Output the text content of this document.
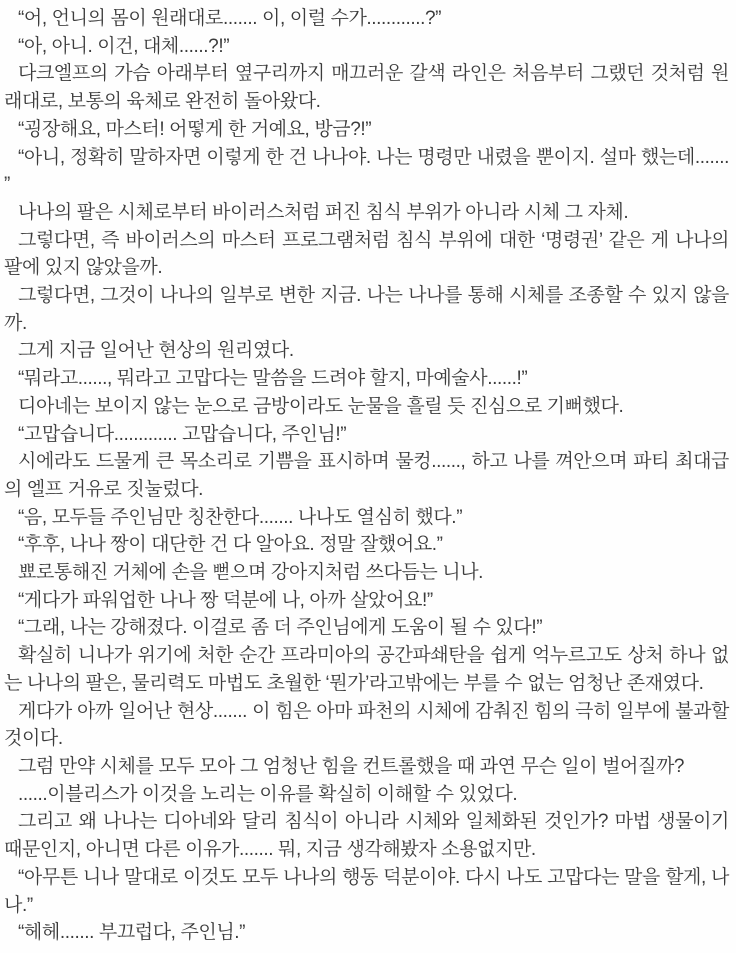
“어, 언니의 몸이 원래대로....... 이, 이럴 수가............?”

“아, 아니. 이건, 대체......?!”

다크엘프의 가슴 아래부터 옆구리까지 매끄러운 갈색 라인은 처음부터 그랬던 것처럼 원래대로, 보통의 육체로 완전히 돌아왔다.

“굉장해요, 마스터! 어떻게 한 거예요, 방금?!”

“아니, 정확히 말하자면 이렇게 한 건 나나야. 나는 명령만 내렸을 뿐이지. 설마 했는데.......”

나나의 팔은 시체로부터 바이러스처럼 퍼진 침식 부위가 아니라 시체 그 자체.

그렇다면, 즉 바이러스의 마스터 프로그램처럼 침식 부위에 대한 ‘명령권’ 같은 게 나나의 팔에 있지 않았을까.

그렇다면, 그것이 나나의 일부로 변한 지금. 나는 나나를 통해 시체를 조종할 수 있지 않을까.

그게 지금 일어난 현상의 원리였다.

“뭐라고......, 뭐라고 고맙다는 말씀을 드려야 할지, 마예술사......!”

디아네는 보이지 않는 눈으로 금방이라도 눈물을 흘릴 듯 진심으로 기뻐했다.

“고맙습니다............. 고맙습니다, 주인님!”

시에라도 드물게 큰 목소리로 기쁨을 표시하며 물컹......, 하고 나를 껴안으며 파티 최대급의 엘프 거유로 짓눌렀다.

“음, 모두들 주인님만 칭찬한다....... 나나도 열심히 했다.”

“후후, 나나 짱이 대단한 건 다 알아요. 정말 잘했어요.”

뾰로통해진 거체에 손을 뻗으며 강아지처럼 쓰다듬는 니나.

“게다가 파워업한 나나 짱 덕분에 나, 아까 살았어요!”

“그래, 나는 강해졌다. 이걸로 좀 더 주인님에게 도움이 될 수 있다!”

확실히 니나가 위기에 처한 순간 프라미아의 공간파쇄탄을 쉽게 억누르고도 상처 하나 없는 나나의 팔은, 물리력도 마법도 초월한 ‘뭔가’라고밖에는 부를 수 없는 엄청난 존재였다.

게다가 아까 일어난 현상....... 이 힘은 아마 파천의 시체에 감춰진 힘의 극히 일부에 불과할 것이다.

그럼 만약 시체를 모두 모아 그 엄청난 힘을 컨트롤했을 때 과연 무슨 일이 벌어질까?

......이블리스가 이것을 노리는 이유를 확실히 이해할 수 있었다.

그리고 왜 나나는 디아네와 달리 침식이 아니라 시체와 일체화된 것인가? 마법 생물이기 때문인지, 아니면 다른 이유가....... 뭐, 지금 생각해봤자 소용없지만.

“아무튼 니나 말대로 이것도 모두 나나의 행동 덕분이야. 다시 나도 고맙다는 말을 할게, 나나.”

“헤헤....... 부끄럽다, 주인님.”
